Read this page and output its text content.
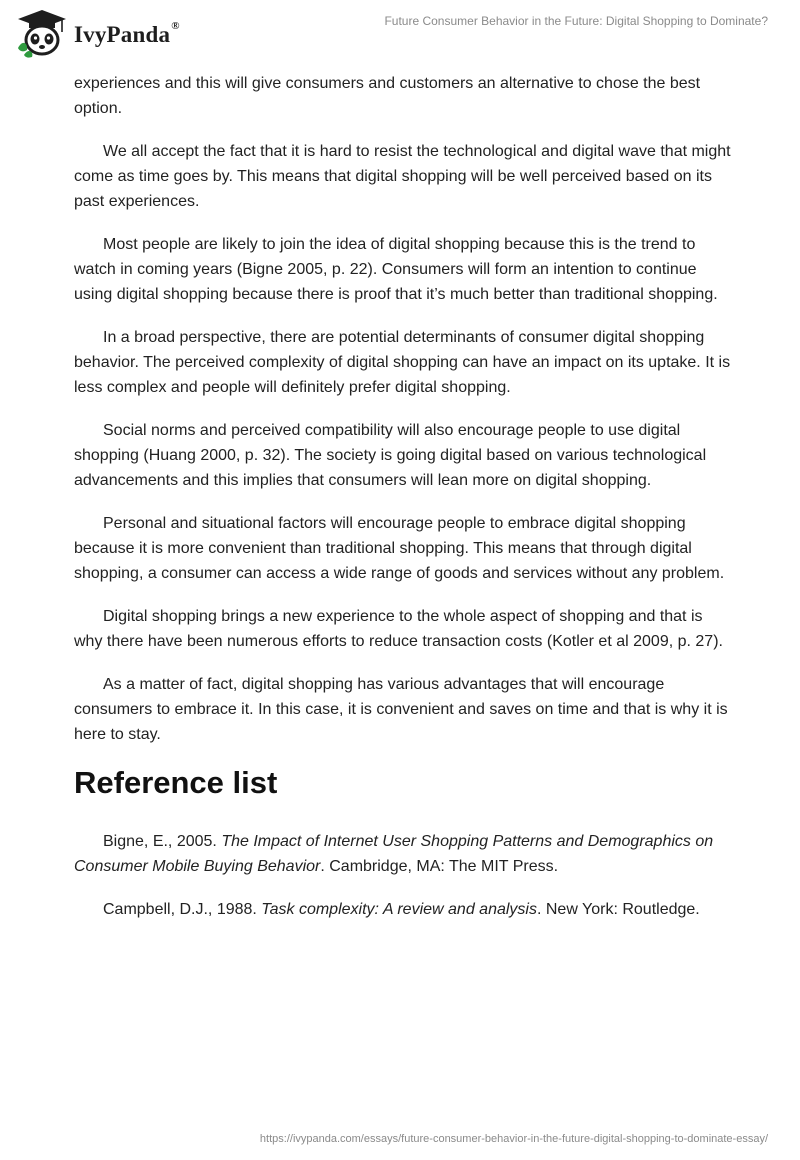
IvyPanda®	Future Consumer Behavior in the Future: Digital Shopping to Dominate?

experiences and this will give consumers and customers an alternative to chose the best option.

We all accept the fact that it is hard to resist the technological and digital wave that might come as time goes by. This means that digital shopping will be well perceived based on its past experiences.

Most people are likely to join the idea of digital shopping because this is the trend to watch in coming years (Bigne 2005, p. 22). Consumers will form an intention to continue using digital shopping because there is proof that it’s much better than traditional shopping.

In a broad perspective, there are potential determinants of consumer digital shopping behavior. The perceived complexity of digital shopping can have an impact on its uptake. It is less complex and people will definitely prefer digital shopping.

Social norms and perceived compatibility will also encourage people to use digital shopping (Huang 2000, p. 32). The society is going digital based on various technological advancements and this implies that consumers will lean more on digital shopping.

Personal and situational factors will encourage people to embrace digital shopping because it is more convenient than traditional shopping. This means that through digital shopping, a consumer can access a wide range of goods and services without any problem.

Digital shopping brings a new experience to the whole aspect of shopping and that is why there have been numerous efforts to reduce transaction costs (Kotler et al 2009, p. 27).

As a matter of fact, digital shopping has various advantages that will encourage consumers to embrace it. In this case, it is convenient and saves on time and that is why it is here to stay.

Reference list

Bigne, E., 2005. The Impact of Internet User Shopping Patterns and Demographics on Consumer Mobile Buying Behavior. Cambridge, MA: The MIT Press.

Campbell, D.J., 1988. Task complexity: A review and analysis. New York: Routledge.

https://ivypanda.com/essays/future-consumer-behavior-in-the-future-digital-shopping-to-dominate-essay/
